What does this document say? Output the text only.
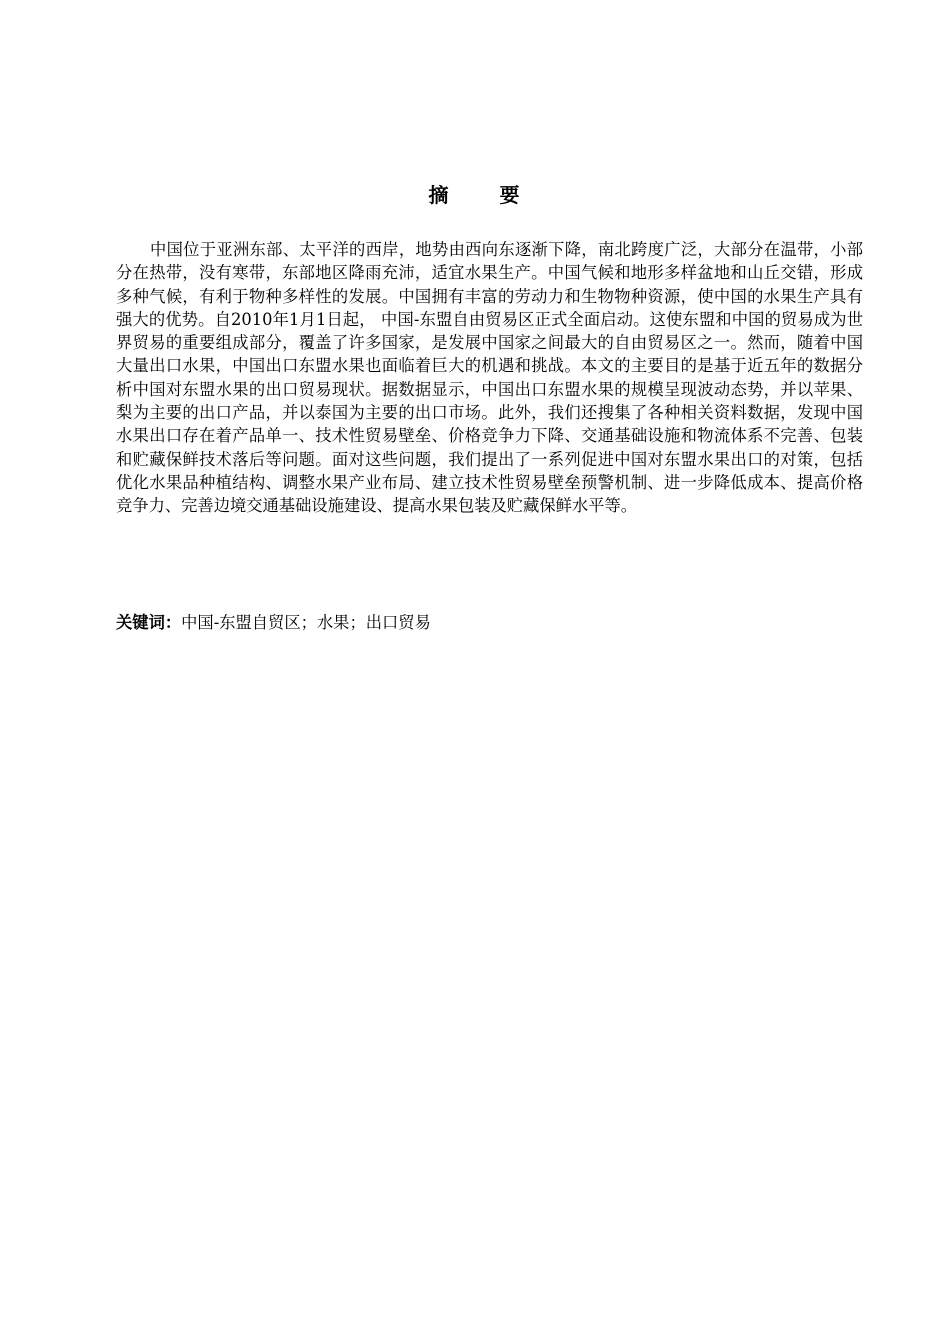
摘 要

中国位于亚洲东部、太平洋的西岸，地势由西向东逐渐下降，南北跨度广泛，大部分在温带，小部分在热带，没有寒带，东部地区降雨充沛，适宜水果生产。中国气候和地形多样盆地和山丘交错，形成多种气候，有利于物种多样性的发展。中国拥有丰富的劳动力和生物物种资源，使中国的水果生产具有强大的优势。自2010年1月1日起， 中国-东盟自由贸易区正式全面启动。这使东盟和中国的贸易成为世界贸易的重要组成部分，覆盖了许多国家，是发展中国家之间最大的自由贸易区之一。然而，随着中国大量出口水果，中国出口东盟水果也面临着巨大的机遇和挑战。本文的主要目的是基于近五年的数据分析中国对东盟水果的出口贸易现状。据数据显示，中国出口东盟水果的规模呈现波动态势，并以苹果、梨为主要的出口产品，并以泰国为主要的出口市场。此外，我们还搜集了各种相关资料数据，发现中国水果出口存在着产品单一、技术性贸易壁垒、价格竞争力下降、交通基础设施和物流体系不完善、包装和贮藏保鲜技术落后等问题。面对这些问题，我们提出了一系列促进中国对东盟水果出口的对策，包括优化水果品种植结构、调整水果产业布局、建立技术性贸易壁垒预警机制、进一步降低成本、提高价格竞争力、完善边境交通基础设施建设、提高水果包装及贮藏保鲜水平等。

关键词：中国-东盟自贸区；水果；出口贸易
